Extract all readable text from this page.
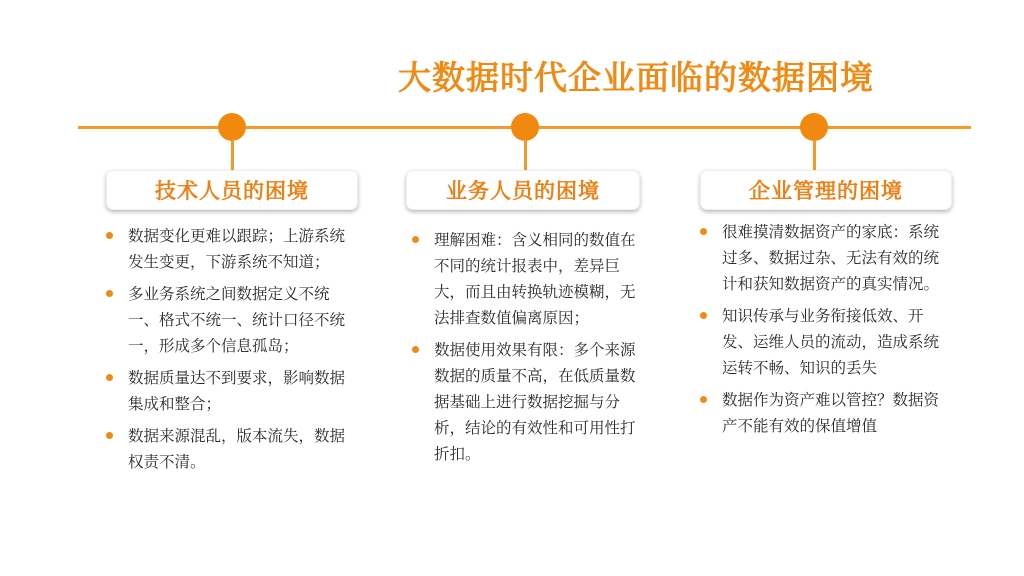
大数据时代企业面临的数据困境
技术人员的困境	业务人员的困境	企业管理的困境
数据变化更难以跟踪；上游系统发生变更，下游系统不知道；
多业务系统之间数据定义不统一、格式不统一、统计口径不统一，形成多个信息孤岛；
数据质量达不到要求，影响数据集成和整合；
数据来源混乱，版本流失，数据权责不清。
理解困难：含义相同的数值在不同的统计报表中，差异巨大，而且由转换轨迹模糊，无法排查数值偏离原因；
数据使用效果有限：多个来源数据的质量不高，在低质量数据基础上进行数据挖掘与分析，结论的有效性和可用性打折扣。
很难摸清数据资产的家底：系统过多、数据过杂、无法有效的统计和获知数据资产的真实情况。
知识传承与业务衔接低效、开发、运维人员的流动，造成系统运转不畅、知识的丢失
数据作为资产难以管控？数据资产不能有效的保值增值
